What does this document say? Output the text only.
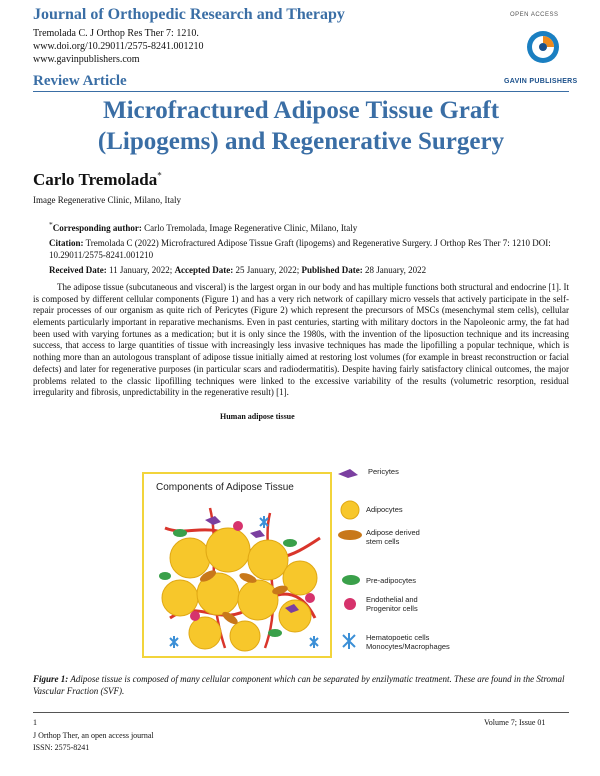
Journal of Orthopedic Research and Therapy
Tremolada C. J Orthop Res Ther 7: 1210.
www.doi.org/10.29011/2575-8241.001210
www.gavinpublishers.com
OPEN ACCESS
GAVIN PUBLISHERS
Review Article
Microfractured Adipose Tissue Graft
(Lipogems) and Regenerative Surgery
Carlo Tremolada*
Image Regenerative Clinic, Milano, Italy
*Corresponding author: Carlo Tremolada, Image Regenerative Clinic, Milano, Italy
Citation: Tremolada C (2022) Microfractured Adipose Tissue Graft (lipogems) and Regenerative Surgery. J Orthop Res Ther 7: 1210 DOI: 10.29011/2575-8241.001210
Received Date: 11 January, 2022; Accepted Date: 25 January, 2022; Published Date: 28 January, 2022

The adipose tissue (subcutaneous and visceral) is the largest organ in our body and has multiple functions both structural and endocrine [1]. It is composed by different cellular components (Figure 1) and has a very rich network of capillary micro vessels that actively participate in the self-repair processes of our organism as quite rich of Pericytes (Figure 2) which represent the precursors of MSCs (mesenchymal stem cells), cellular elements particularly important in reparative mechanisms. Even in past centuries, starting with military doctors in the Napoleonic army, the fat had been used with varying fortunes as a medication; but it is only since the 1980s, with the invention of the liposuction technique and its increasing success, that access to large quantities of tissue with increasingly less invasive techniques has made the lipofilling a popular technique, which is nothing more than an autologous transplant of adipose tissue initially aimed at restoring lost volumes (for example in breast reconstruction or facial defects) and later for regenerative purposes (in particular scars and radiodermatitis). Despite having fairly satisfactory clinical outcomes, the major problems related to the classic lipofilling techniques were linked to the excessive variability of the results (volumetric resorption, residual irregularity and fibrosis, unpredictability in the regenerative result) [1].

Human adipose tissue
Components of Adipose Tissue
Pericytes
Adipocytes
Adipose derived
stem cells
Pre-adipocytes
Endothelial and
Progenitor cells
Hematopoetic cells
Monocytes/Macrophages
Figure 1: Adipose tissue is composed of many cellular component which can be separated by enzilymatic treatment. These are found in the Stromal Vascular Fraction (SVF).
1	Volume 7; Issue 01
J Orthop Ther, an open access journal
ISSN: 2575-8241
